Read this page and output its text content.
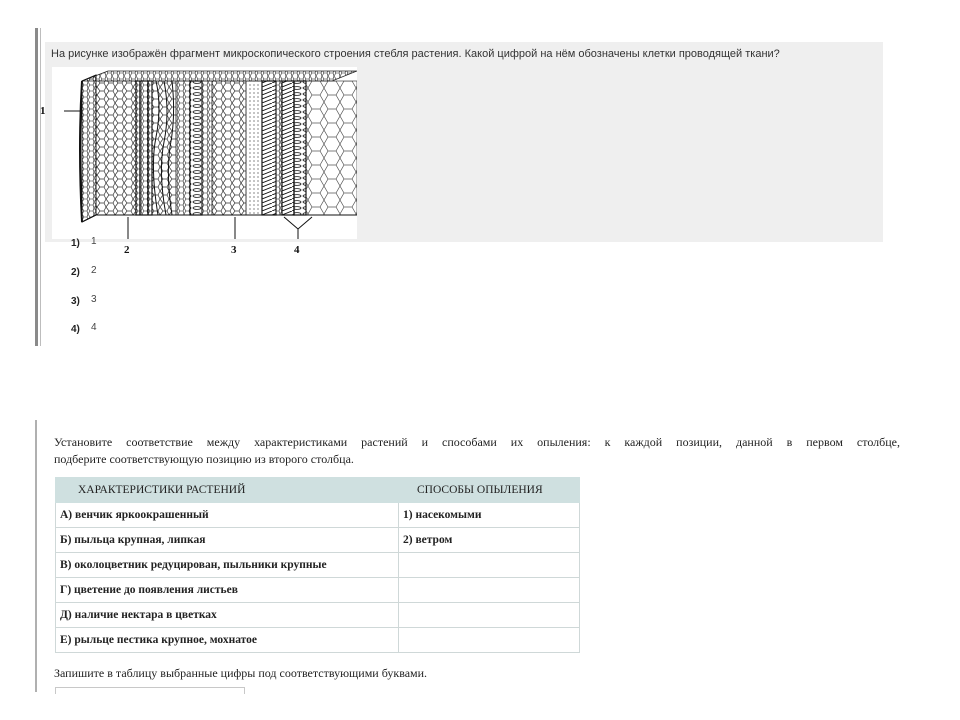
На рисунке изображён фрагмент микроскопического строения стебля растения. Какой цифрой на нём обозначены клетки проводящей ткани?
1
2	3	4
1) 1
2) 2
3) 3
4) 4
Установите соответствие между характеристиками растений и способами их опыления: к каждой позиции, данной в первом столбце,
подберите соответствующую позицию из второго столбца.
ХАРАКТЕРИСТИКИ РАСТЕНИЙ	СПОСОБЫ ОПЫЛЕНИЯ
А) венчик яркоокрашенный	1) насекомыми
Б) пыльца крупная, липкая	2) ветром
В) околоцветник редуцирован, пыльники крупные	
Г) цветение до появления листьев	
Д) наличие нектара в цветках	
Е) рыльце пестика крупное, мохнатое	
Запишите в таблицу выбранные цифры под соответствующими буквами.
